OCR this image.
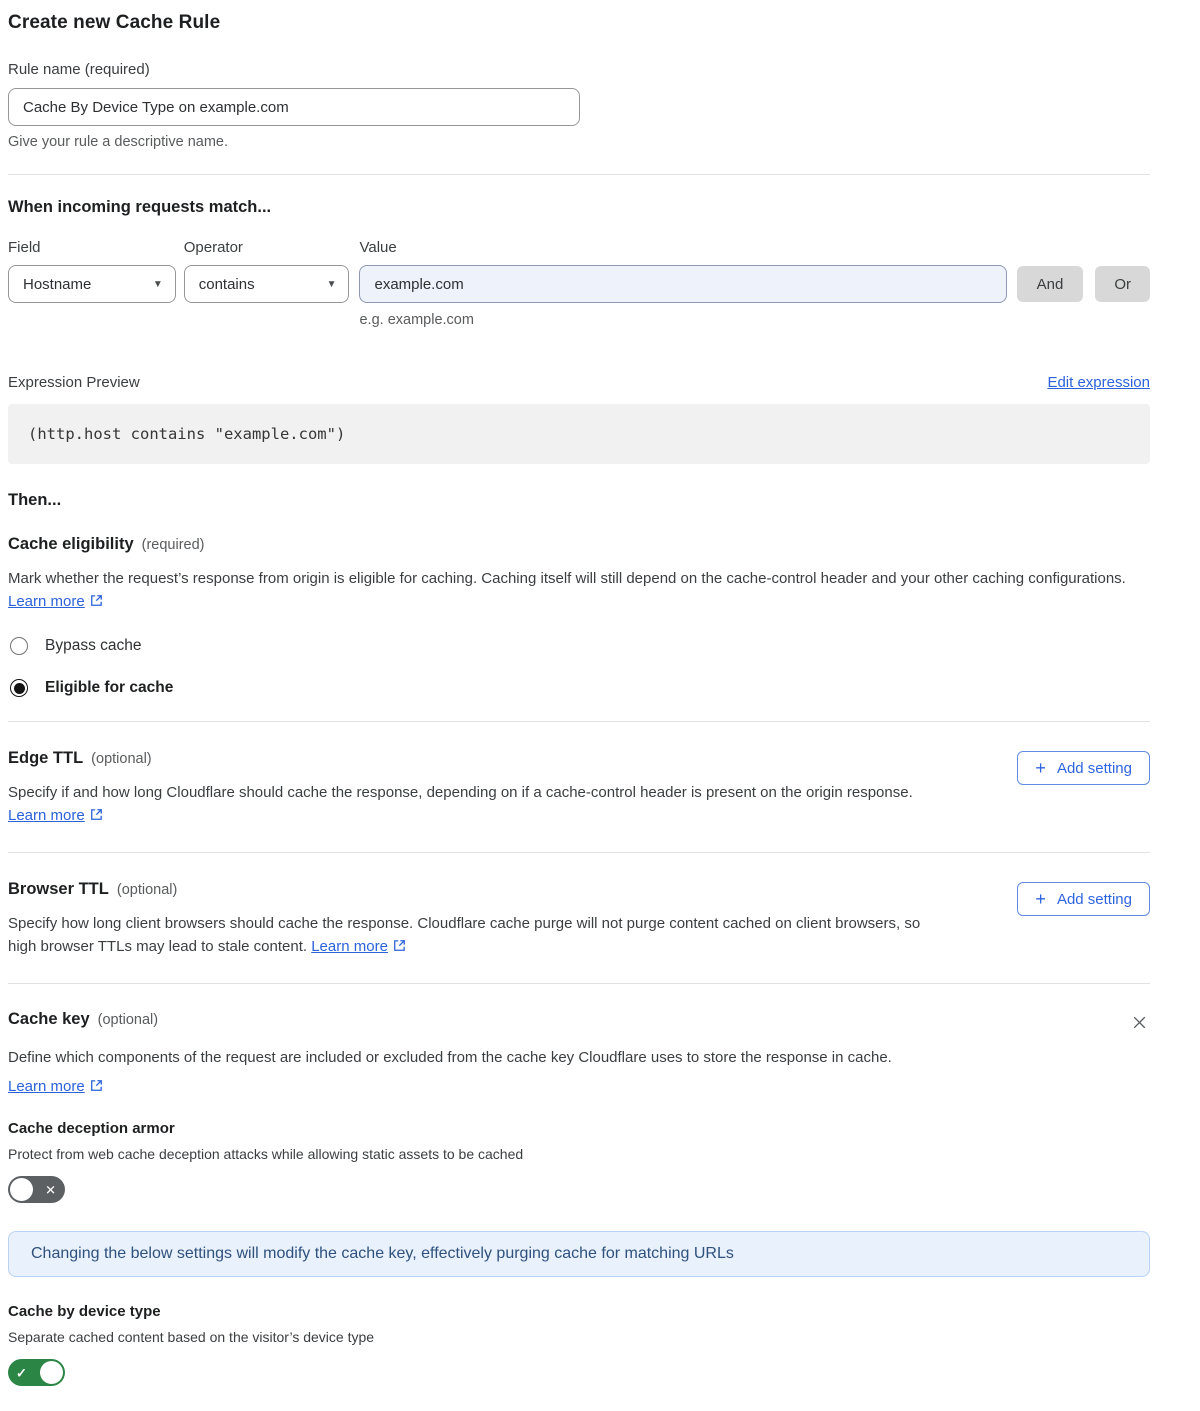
Create new Cache Rule
Rule name (required)
Cache By Device Type on example.com
Give your rule a descriptive name.
When incoming requests match...
Field
Hostname	▼
Operator
contains	▼
Value
example.com
e.g. example.com
And	Or
Expression Preview	Edit expression
(http.host contains "example.com")
Then...
Cache eligibility (required)

Mark whether the request’s response from origin is eligible for caching. Caching itself will still depend on the cache-control header and your other caching configurations. Learn more

Bypass cache
Eligible for cache
Edge TTL (optional)

Specify if and how long Cloudflare should cache the response, depending on if a cache-control header is present on the origin response. Learn more

+ Add setting
Browser TTL (optional)

Specify how long client browsers should cache the response. Cloudflare cache purge will not purge content cached on client browsers, so high browser TTLs may lead to stale content. Learn more

+ Add setting
Cache key (optional)

Define which components of the request are included or excluded from the cache key Cloudflare uses to store the response in cache.

Learn more
Cache deception armor
Protect from web cache deception attacks while allowing static assets to be cached
✕
Changing the below settings will modify the cache key, effectively purging cache for matching URLs
Cache by device type
Separate cached content based on the visitor’s device type
✓
